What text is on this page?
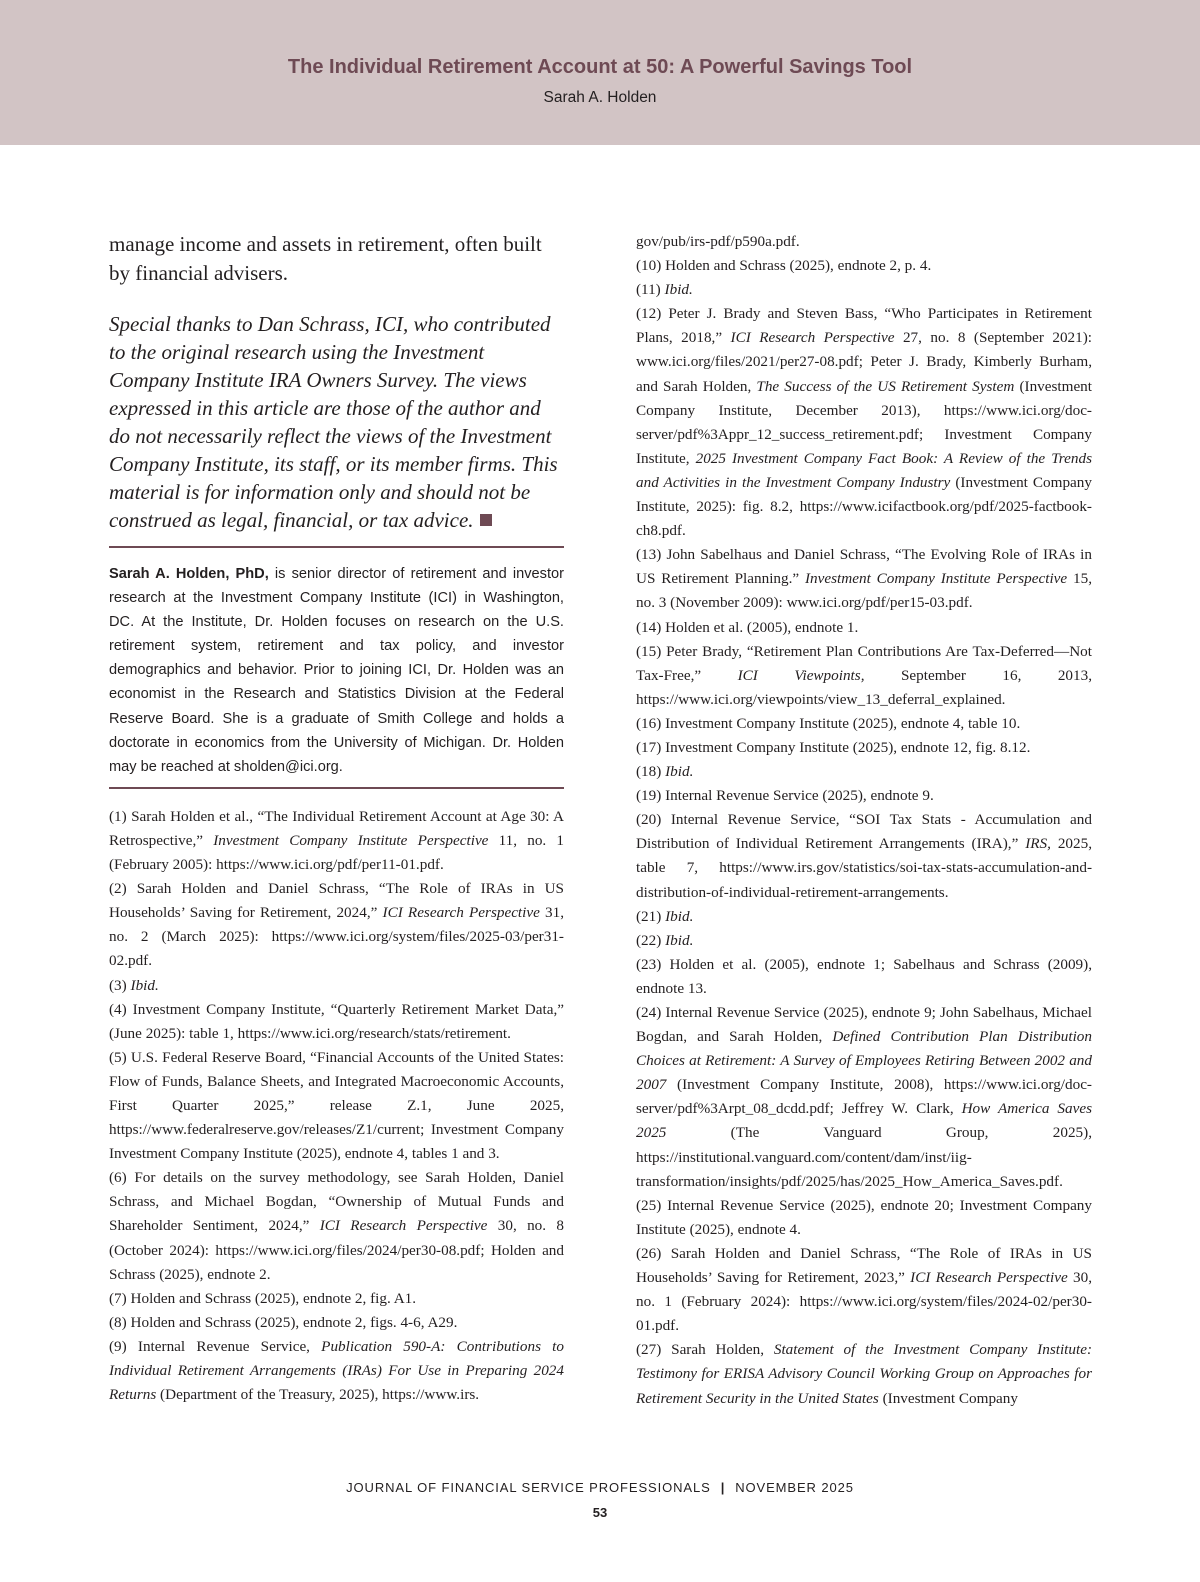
The Individual Retirement Account at 50: A Powerful Savings Tool
Sarah A. Holden

manage income and assets in retirement, often built by financial advisers.

Special thanks to Dan Schrass, ICI, who contributed to the original research using the Investment Company Institute IRA Owners Survey. The views expressed in this article are those of the author and do not necessarily reflect the views of the Investment Company Institute, its staff, or its member firms. This material is for information only and should not be construed as legal, financial, or tax advice.

Sarah A. Holden, PhD, is senior director of retirement and investor research at the Investment Company Institute (ICI) in Washington, DC. At the Institute, Dr. Holden focuses on research on the U.S. retirement system, retirement and tax policy, and investor demographics and behavior. Prior to joining ICI, Dr. Holden was an economist in the Research and Statistics Division at the Federal Reserve Board. She is a graduate of Smith College and holds a doctorate in economics from the University of Michigan. Dr. Holden may be reached at sholden@ici.org.

(1) Sarah Holden et al., “The Individual Retirement Account at Age 30: A Retrospective,” Investment Company Institute Perspective 11, no. 1 (February 2005): https://www.ici.org/pdf/per11-01.pdf.

(2) Sarah Holden and Daniel Schrass, “The Role of IRAs in US Households’ Saving for Retirement, 2024,” ICI Research Perspective 31, no. 2 (March 2025): https://www.ici.org/system/files/2025-03/per31-02.pdf.

(3) Ibid.

(4) Investment Company Institute, “Quarterly Retirement Market Data,” (June 2025): table 1, https://www.ici.org/research/stats/retirement.

(5) U.S. Federal Reserve Board, “Financial Accounts of the United States: Flow of Funds, Balance Sheets, and Integrated Macroeconomic Accounts, First Quarter 2025,” release Z.1, June 2025, https://www.federalreserve.gov/releases/Z1/current; Investment Company Investment Company Institute (2025), endnote 4, tables 1 and 3.

(6) For details on the survey methodology, see Sarah Holden, Daniel Schrass, and Michael Bogdan, “Ownership of Mutual Funds and Shareholder Sentiment, 2024,” ICI Research Perspective 30, no. 8 (October 2024): https://www.ici.org/files/2024/per30-08.pdf; Holden and Schrass (2025), endnote 2.

(7) Holden and Schrass (2025), endnote 2, fig. A1.

(8) Holden and Schrass (2025), endnote 2, figs. 4-6, A29.

(9) Internal Revenue Service, Publication 590-A: Contributions to Individual Retirement Arrangements (IRAs) For Use in Preparing 2024 Returns (Department of the Treasury, 2025), https://www.irs.

gov/pub/irs-pdf/p590a.pdf.

(10) Holden and Schrass (2025), endnote 2, p. 4.

(11) Ibid.

(12) Peter J. Brady and Steven Bass, “Who Participates in Retirement Plans, 2018,” ICI Research Perspective 27, no. 8 (September 2021): www.ici.org/files/2021/per27-08.pdf; Peter J. Brady, Kimberly Burham, and Sarah Holden, The Success of the US Retirement System (Investment Company Institute, December 2013), https://www.ici.org/doc-server/pdf%3Appr_12_success_retirement.pdf; Investment Company Institute, 2025 Investment Company Fact Book: A Review of the Trends and Activities in the Investment Company Industry (Investment Company Institute, 2025): fig. 8.2, https://www.icifactbook.org/pdf/2025-factbook-ch8.pdf.

(13) John Sabelhaus and Daniel Schrass, “The Evolving Role of IRAs in US Retirement Planning.” Investment Company Institute Perspective 15, no. 3 (November 2009): www.ici.org/pdf/per15-03.pdf.

(14) Holden et al. (2005), endnote 1.

(15) Peter Brady, “Retirement Plan Contributions Are Tax-Deferred—Not Tax-Free,” ICI Viewpoints, September 16, 2013, https://www.ici.org/viewpoints/view_13_deferral_explained.

(16) Investment Company Institute (2025), endnote 4, table 10.

(17) Investment Company Institute (2025), endnote 12, fig. 8.12.

(18) Ibid.

(19) Internal Revenue Service (2025), endnote 9.

(20) Internal Revenue Service, “SOI Tax Stats - Accumulation and Distribution of Individual Retirement Arrangements (IRA),” IRS, 2025, table 7, https://www.irs.gov/statistics/soi-tax-stats-accumulation-and-distribution-of-individual-retirement-arrangements.

(21) Ibid.

(22) Ibid.

(23) Holden et al. (2005), endnote 1; Sabelhaus and Schrass (2009), endnote 13.

(24) Internal Revenue Service (2025), endnote 9; John Sabelhaus, Michael Bogdan, and Sarah Holden, Defined Contribution Plan Distribution Choices at Retirement: A Survey of Employees Retiring Between 2002 and 2007 (Investment Company Institute, 2008), https://www.ici.org/doc-server/pdf%3Arpt_08_dcdd.pdf; Jeffrey W. Clark, How America Saves 2025 (The Vanguard Group, 2025), https://institutional.vanguard.com/content/dam/inst/iig-transformation/insights/pdf/2025/has/2025_How_America_Saves.pdf.

(25) Internal Revenue Service (2025), endnote 20; Investment Company Institute (2025), endnote 4.

(26) Sarah Holden and Daniel Schrass, “The Role of IRAs in US Households’ Saving for Retirement, 2023,” ICI Research Perspective 30, no. 1 (February 2024): https://www.ici.org/system/files/2024-02/per30-01.pdf.

(27) Sarah Holden, Statement of the Investment Company Institute: Testimony for ERISA Advisory Council Working Group on Approaches for Retirement Security in the United States (Investment Company

JOURNAL OF FINANCIAL SERVICE PROFESSIONALS | NOVEMBER 2025
53
